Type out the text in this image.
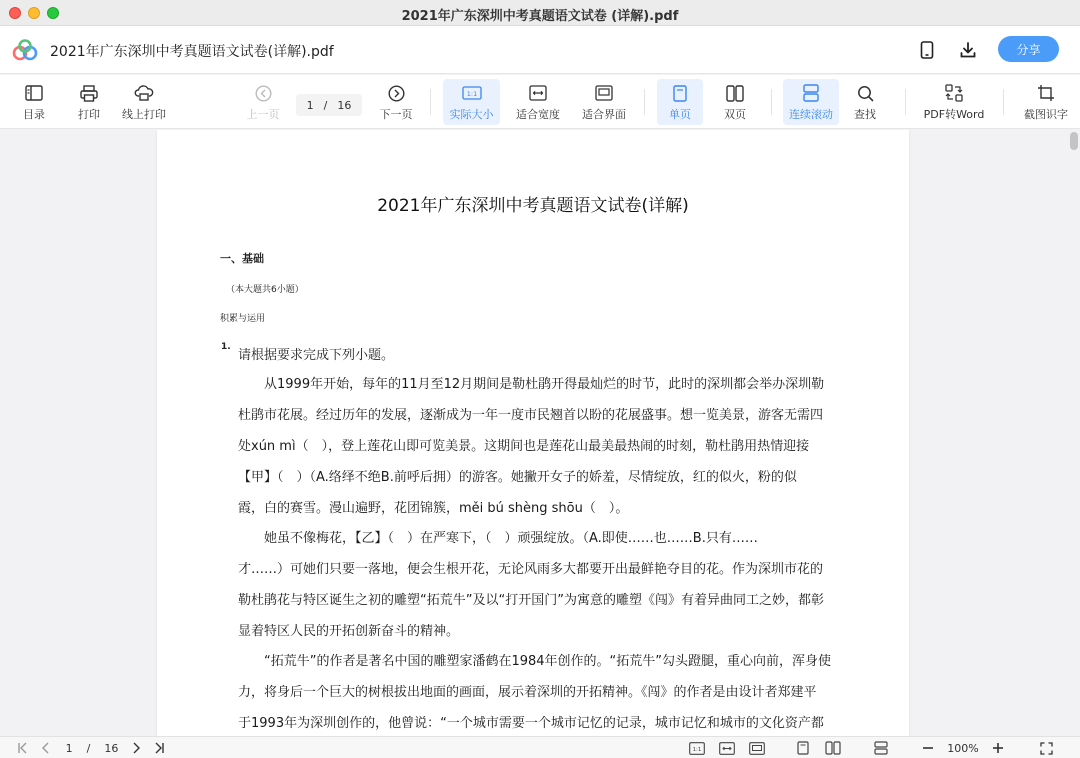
2021年广东深圳中考真题语文试卷 (详解).pdf
2021年广东深圳中考真题语文试卷(详解).pdf	分享
目录	打印 线上打印	上一页
1 / 16
下一页
1:1
实际大小 适合宽度 适合界面	单页	双页	连续滚动 查找	PDF转Word	截图识字
2021年广东深圳中考真题语文试卷(详解)
一、基础
（本大题共6小题）
积累与运用
1.
请根据要求完成下列小题。
　　从1999年开始，每年的11月至12月期间是勒杜鹃开得最灿烂的时节，此时的深圳都会举办深圳勒
杜鹃市花展。经过历年的发展，逐渐成为一年一度市民翘首以盼的花展盛事。想一览美景，游客无需四
处xún mì（　），登上莲花山即可览美景。这期间也是莲花山最美最热闹的时刻，勒杜鹃用热情迎接
【甲】（　）（A.络绎不绝B.前呼后拥）的游客。她撇开女子的娇羞，尽情绽放，红的似火，粉的似
霞，白的赛雪。漫山遍野，花团锦簇，měi bú shèng shōu（　）。
　　她虽不像梅花，【乙】（　）在严寒下，（　）顽强绽放。（A.即使……也……B.只有……
才……）可她们只要一落地，便会生根开花，无论风雨多大都要开出最鲜艳夺目的花。作为深圳市花的
勒杜鹃花与特区诞生之初的雕塑“拓荒牛”及以“打开国门”为寓意的雕塑《闯》有着异曲同工之妙，都彰
显着特区人民的开拓创新奋斗的精神。
　　“拓荒牛”的作者是著名中国的雕塑家潘鹤在1984年创作的。“拓荒牛”勾头蹬腿，重心向前，浑身使
力，将身后一个巨大的树根拔出地面的画面，展示着深圳的开拓精神。《闯》的作者是由设计者郑建平
于1993年为深圳创作的，他曾说：“一个城市需要一个城市记忆的记录，城市记忆和城市的文化资产都
1 / 16	1:1	100%
